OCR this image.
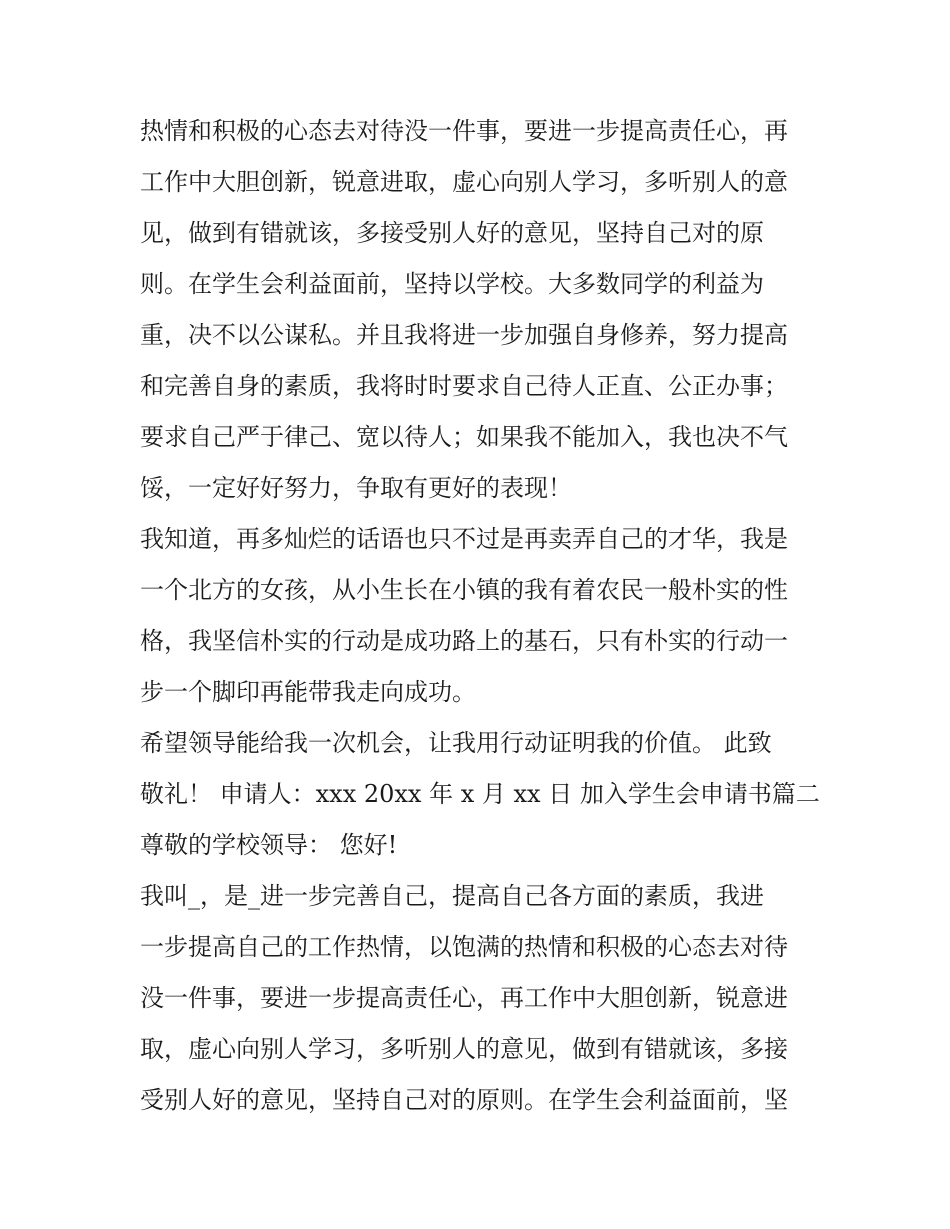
热情和积极的心态去对待没一件事，要进一步提高责任心，再
工作中大胆创新，锐意进取，虚心向别人学习，多听别人的意
见，做到有错就该，多接受别人好的意见，坚持自己对的原
则。在学生会利益面前，坚持以学校。大多数同学的利益为
重，决不以公谋私。并且我将进一步加强自身修养，努力提高
和完善自身的素质，我将时时要求自己待人正直、公正办事；
要求自己严于律己、宽以待人；如果我不能加入，我也决不气
馁，一定好好努力，争取有更好的表现！
我知道，再多灿烂的话语也只不过是再卖弄自己的才华，我是
一个北方的女孩，从小生长在小镇的我有着农民一般朴实的性
格，我坚信朴实的行动是成功路上的基石，只有朴实的行动一
步一个脚印再能带我走向成功。
希望领导能给我一次机会，让我用行动证明我的价值。 此致
敬礼！ 申请人：xxx 20xx 年 x 月 xx 日 加入学生会申请书篇二
尊敬的学校领导： 您好!
我叫_，是_进一步完善自己，提高自己各方面的素质，我进
一步提高自己的工作热情，以饱满的热情和积极的心态去对待
没一件事，要进一步提高责任心，再工作中大胆创新，锐意进
取，虚心向别人学习，多听别人的意见，做到有错就该，多接
受别人好的意见，坚持自己对的原则。在学生会利益面前，坚
